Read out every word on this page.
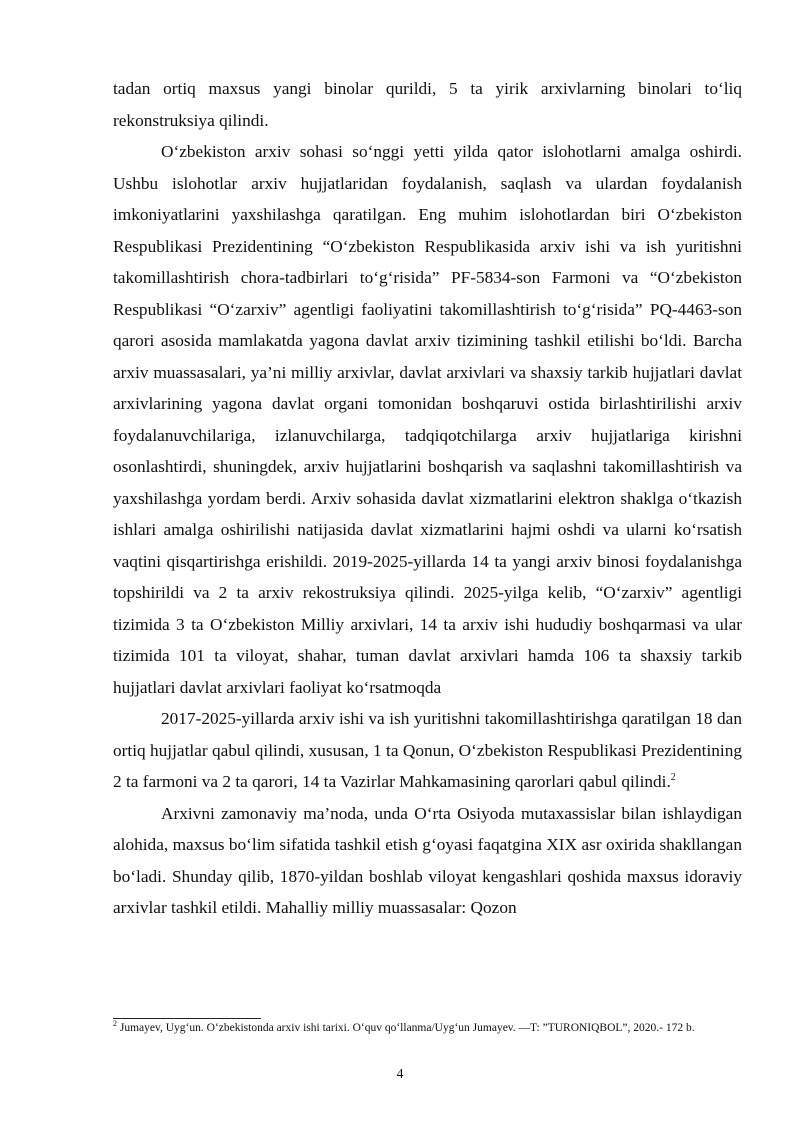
tadan ortiq maxsus yangi binolar qurildi, 5 ta yirik arxivlarning binolari to‘liq rekonstruksiya qilindi.

O‘zbekiston arxiv sohasi so‘nggi yetti yilda qator islohotlarni amalga oshirdi. Ushbu islohotlar arxiv hujjatlaridan foydalanish, saqlash va ulardan foydalanish imkoniyatlarini yaxshilashga qaratilgan. Eng muhim islohotlardan biri O‘zbekiston Respublikasi Prezidentining “O‘zbekiston Respublikasida arxiv ishi va ish yuritishni takomillashtirish chora-tadbirlari to‘g‘risida” PF-5834-son Farmoni va “O‘zbekiston Respublikasi “O‘zarxiv” agentligi faoliyatini takomillashtirish to‘g‘risida” PQ-4463-son qarori asosida mamlakatda yagona davlat arxiv tizimining tashkil etilishi bo‘ldi. Barcha arxiv muassasalari, ya’ni milliy arxivlar, davlat arxivlari va shaxsiy tarkib hujjatlari davlat arxivlarining yagona davlat organi tomonidan boshqaruvi ostida birlashtirilishi arxiv foydalanuvchilariga, izlanuvchilarga, tadqiqotchilarga arxiv hujjatlariga kirishni osonlashtirdi, shuningdek, arxiv hujjatlarini boshqarish va saqlashni takomillashtirish va yaxshilashga yordam berdi. Arxiv sohasida davlat xizmatlarini elektron shaklga o‘tkazish ishlari amalga oshirilishi natijasida davlat xizmatlarini hajmi oshdi va ularni ko‘rsatish vaqtini qisqartirishga erishildi. 2019-2025-yillarda 14 ta yangi arxiv binosi foydalanishga topshirildi va 2 ta arxiv rekostruksiya qilindi. 2025-yilga kelib, “O‘zarxiv” agentligi tizimida 3 ta O‘zbekiston Milliy arxivlari, 14 ta arxiv ishi hududiy boshqarmasi va ular tizimida 101 ta viloyat, shahar, tuman davlat arxivlari hamda 106 ta shaxsiy tarkib hujjatlari davlat arxivlari faoliyat ko‘rsatmoqda

2017-2025-yillarda arxiv ishi va ish yuritishni takomillashtirishga qaratilgan 18 dan ortiq hujjatlar qabul qilindi, xususan, 1 ta Qonun, O‘zbekiston Respublikasi Prezidentining 2 ta farmoni va 2 ta qarori, 14 ta Vazirlar Mahkamasining qarorlari qabul qilindi.$^2$

Arxivni zamonaviy ma’noda, unda O‘rta Osiyoda mutaxassislar bilan ishlaydigan alohida, maxsus bo‘lim sifatida tashkil etish g‘oyasi faqatgina XIX asr oxirida shakllangan bo‘ladi. Shunday qilib, 1870-yildan boshlab viloyat kengashlari qoshida maxsus idoraviy arxivlar tashkil etildi. Mahalliy milliy muassasalar: Qozon

$^2$ Jumayev, Uyg‘un. O‘zbekistonda arxiv ishi tarixi. O‘quv qo‘llanma/Uyg‘un Jumayev. —T: ”TURONIQBOL”, 2020.- 172 b.

4
